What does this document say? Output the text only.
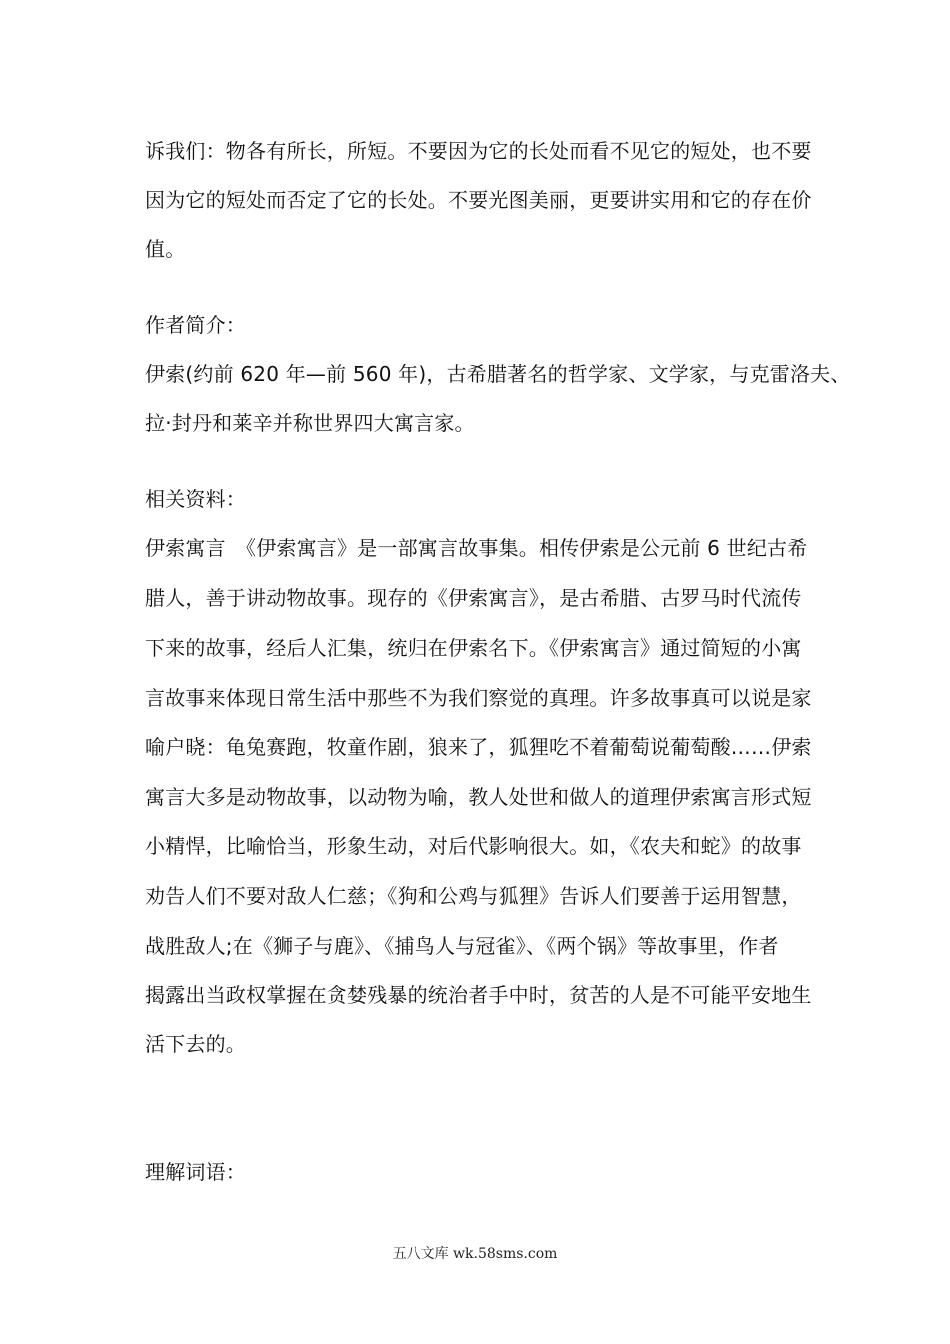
诉我们：物各有所长，所短。不要因为它的长处而看不见它的短处，也不要
因为它的短处而否定了它的长处。不要光图美丽，更要讲实用和它的存在价
值。
作者简介：
伊索(约前 620 年—前 560 年)，古希腊著名的哲学家、文学家，与克雷洛夫、
拉·封丹和莱辛并称世界四大寓言家。
相关资料：
伊索寓言　《伊索寓言》是一部寓言故事集。相传伊索是公元前 6 世纪古希
腊人，善于讲动物故事。现存的《伊索寓言》，是古希腊、古罗马时代流传
下来的故事，经后人汇集，统归在伊索名下。《伊索寓言》通过简短的小寓
言故事来体现日常生活中那些不为我们察觉的真理。许多故事真可以说是家
喻户晓：龟兔赛跑，牧童作剧，狼来了，狐狸吃不着葡萄说葡萄酸……伊索
寓言大多是动物故事，以动物为喻，教人处世和做人的道理伊索寓言形式短
小精悍，比喻恰当，形象生动，对后代影响很大。如，《农夫和蛇》的故事
劝告人们不要对敌人仁慈；《狗和公鸡与狐狸》告诉人们要善于运用智慧，
战胜敌人;在《狮子与鹿》、《捕鸟人与冠雀》、《两个锅》等故事里，作者
揭露出当政权掌握在贪婪残暴的统治者手中时，贫苦的人是不可能平安地生
活下去的。
理解词语：
五八文库 wk.58sms.com
